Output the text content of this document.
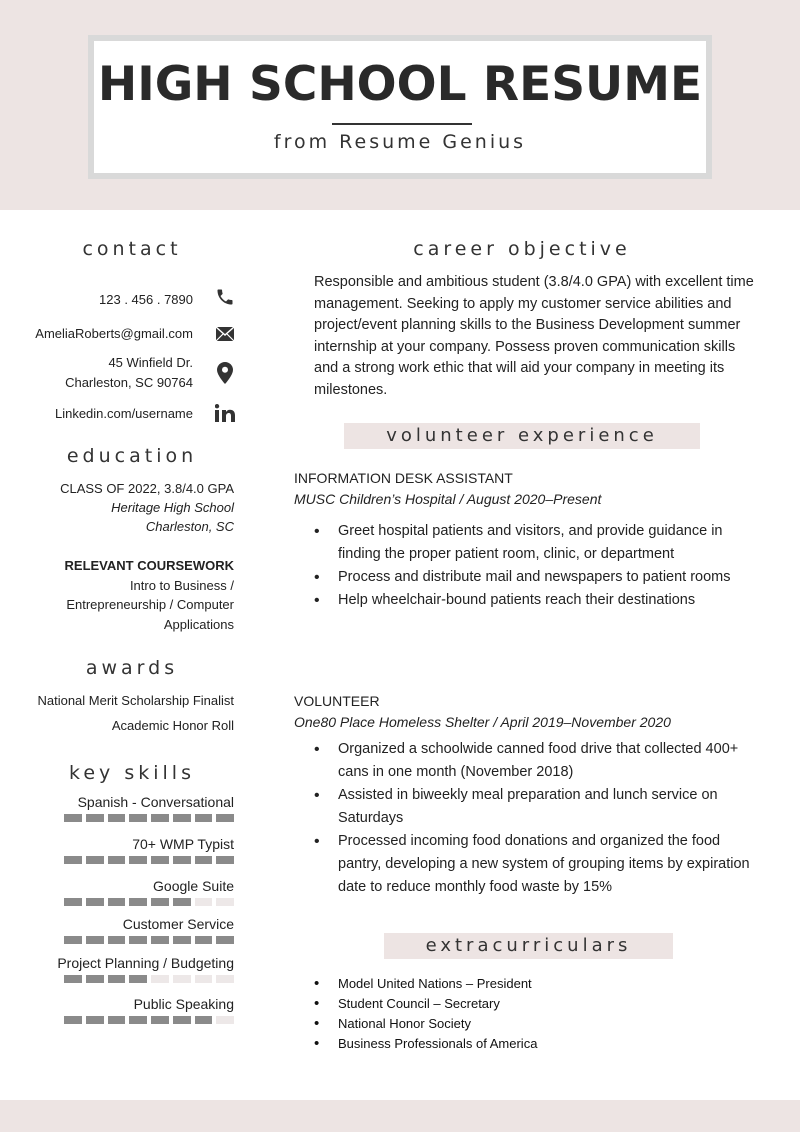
HIGH SCHOOL RESUME
from Resume Genius
contact
123 . 456 . 7890
AmeliaRoberts@gmail.com
45 Winfield Dr.
Charleston, SC 90764
Linkedin.com/username
education
CLASS OF 2022, 3.8/4.0 GPA
Heritage High School
Charleston, SC
RELEVANT COURSEWORK
Intro to Business /
Entrepreneurship / Computer
Applications
awards
National Merit Scholarship Finalist
Academic Honor Roll
key skills
Spanish - Conversational
70+ WMP Typist
Google Suite
Customer Service
Project Planning / Budgeting
Public Speaking
career objective
Responsible and ambitious student (3.8/4.0 GPA) with excellent time management. Seeking to apply my customer service abilities and project/event planning skills to the Business Development summer internship at your company. Possess proven communication skills and a strong work ethic that will aid your company in meeting its milestones.
volunteer experience
INFORMATION DESK ASSISTANT
MUSC Children’s Hospital / August 2020–Present
• Greet hospital patients and visitors, and provide guidance in finding the proper patient room, clinic, or department
• Process and distribute mail and newspapers to patient rooms
• Help wheelchair-bound patients reach their destinations
VOLUNTEER
One80 Place Homeless Shelter / April 2019–November 2020
• Organized a schoolwide canned food drive that collected 400+ cans in one month (November 2018)
• Assisted in biweekly meal preparation and lunch service on Saturdays
• Processed incoming food donations and organized the food pantry, developing a new system of grouping items by expiration date to reduce monthly food waste by 15%
extracurriculars
• Model United Nations – President
• Student Council – Secretary
• National Honor Society
• Business Professionals of America
